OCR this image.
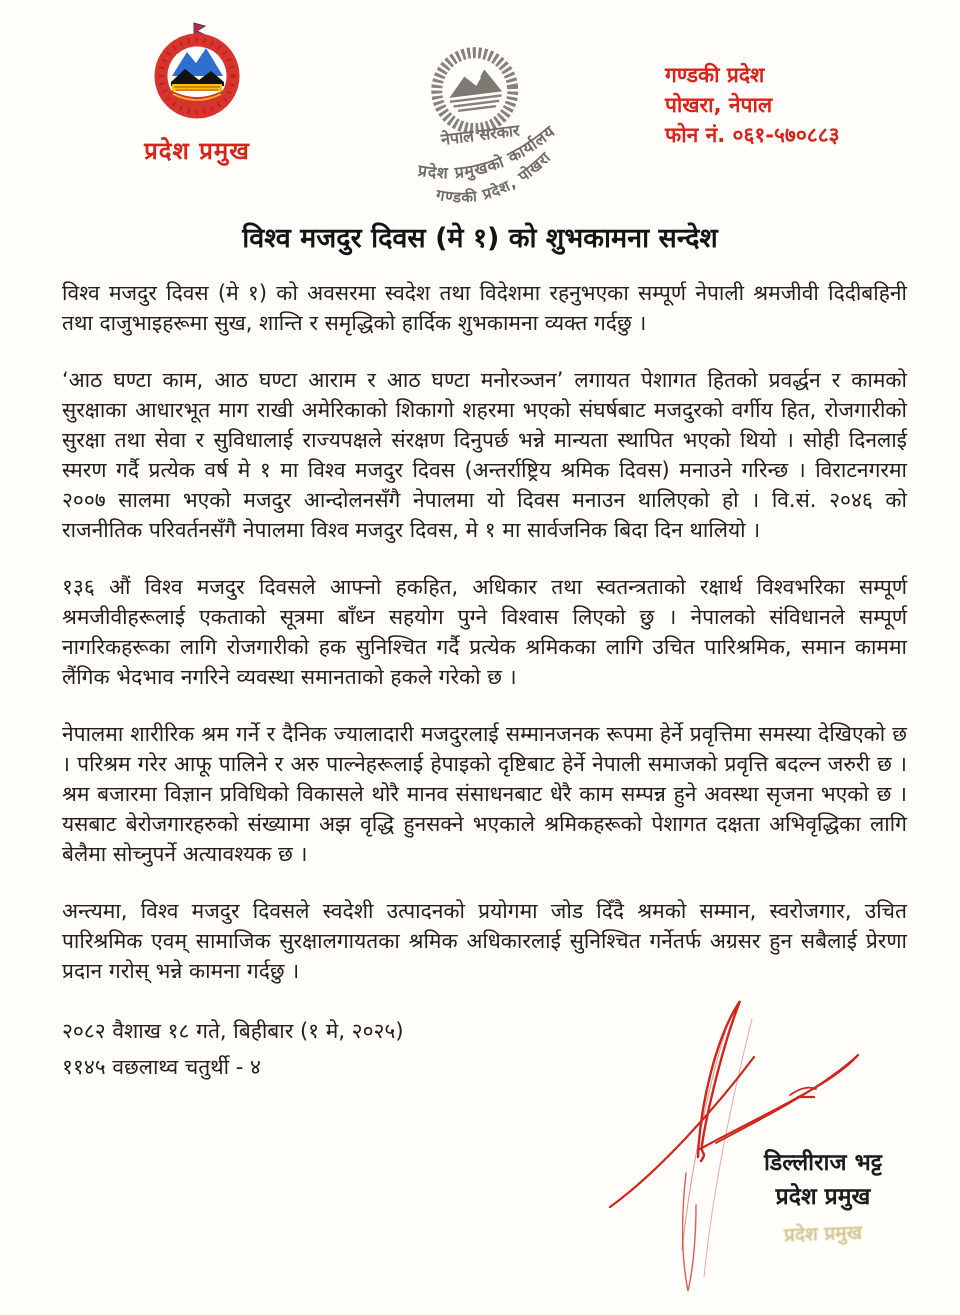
प्रदेश प्रमुख
नेपाल सरकार
प्रदेश प्रमुखको कार्यालय
गण्डकी प्रदेश, पोखरा
गण्डकी प्रदेश
पोखरा, नेपाल
फोन नं. ०६१-५७०८८३
विश्व मजदुर दिवस (मे १) को शुभकामना सन्देश

विश्व मजदुर दिवस (मे १) को अवसरमा स्वदेश तथा विदेशमा रहनुभएका सम्पूर्ण नेपाली श्रमजीवी दिदीबहिनी तथा दाजुभाइहरूमा सुख, शान्ति र समृद्धिको हार्दिक शुभकामना व्यक्त गर्दछु ।

‘आठ घण्टा काम, आठ घण्टा आराम र आठ घण्टा मनोरञ्जन’ लगायत पेशागत हितको प्रवर्द्धन र कामको सुरक्षाका आधारभूत माग राखी अमेरिकाको शिकागो शहरमा भएको संघर्षबाट मजदुरको वर्गीय हित, रोजगारीको सुरक्षा तथा सेवा र सुविधालाई राज्यपक्षले संरक्षण दिनुपर्छ भन्ने मान्यता स्थापित भएको थियो । सोही दिनलाई स्मरण गर्दै प्रत्येक वर्ष मे १ मा विश्व मजदुर दिवस (अन्तर्राष्ट्रिय श्रमिक दिवस) मनाउने गरिन्छ । विराटनगरमा २००७ सालमा भएको मजदुर आन्दोलनसँगै नेपालमा यो दिवस मनाउन थालिएको हो । वि.सं. २०४६ को राजनीतिक परिवर्तनसँगै नेपालमा विश्व मजदुर दिवस, मे १ मा सार्वजनिक बिदा दिन थालियो ।

१३६ औं विश्व मजदुर दिवसले आफ्नो हकहित, अधिकार तथा स्वतन्त्रताको रक्षार्थ विश्वभरिका सम्पूर्ण श्रमजीवीहरूलाई एकताको सूत्रमा बाँध्न सहयोग पुग्ने विश्वास लिएको छु । नेपालको संविधानले सम्पूर्ण नागरिकहरूका लागि रोजगारीको हक सुनिश्चित गर्दै प्रत्येक श्रमिकका लागि उचित पारिश्रमिक, समान काममा लैंगिक भेदभाव नगरिने व्यवस्था समानताको हकले गरेको छ ।

नेपालमा शारीरिक श्रम गर्ने र दैनिक ज्यालादारी मजदुरलाई सम्मानजनक रूपमा हेर्ने प्रवृत्तिमा समस्या देखिएको छ । परिश्रम गरेर आफू पालिने र अरु पाल्नेहरूलाई हेपाइको दृष्टिबाट हेर्ने नेपाली समाजको प्रवृत्ति बदल्न जरुरी छ । श्रम बजारमा विज्ञान प्रविधिको विकासले थोरै मानव संसाधनबाट धेरै काम सम्पन्न हुने अवस्था सृजना भएको छ । यसबाट बेरोजगारहरुको संख्यामा अझ वृद्धि हुनसक्ने भएकाले श्रमिकहरूको पेशागत दक्षता अभिवृद्धिका लागि बेलैमा सोच्नुपर्ने अत्यावश्यक छ ।

अन्त्यमा, विश्व मजदुर दिवसले स्वदेशी उत्पादनको प्रयोगमा जोड दिँदै श्रमको सम्मान, स्वरोजगार, उचित पारिश्रमिक एवम् सामाजिक सुरक्षालगायतका श्रमिक अधिकारलाई सुनिश्चित गर्नेतर्फ अग्रसर हुन सबैलाई प्रेरणा प्रदान गरोस् भन्ने कामना गर्दछु ।

२०८२ वैशाख १८ गते, बिहीबार (१ मे, २०२५)
११४५ वछलाथ्व चतुर्थी - ४
डिल्लीराज भट्ट
प्रदेश प्रमुख
प्रदेश प्रमुख
